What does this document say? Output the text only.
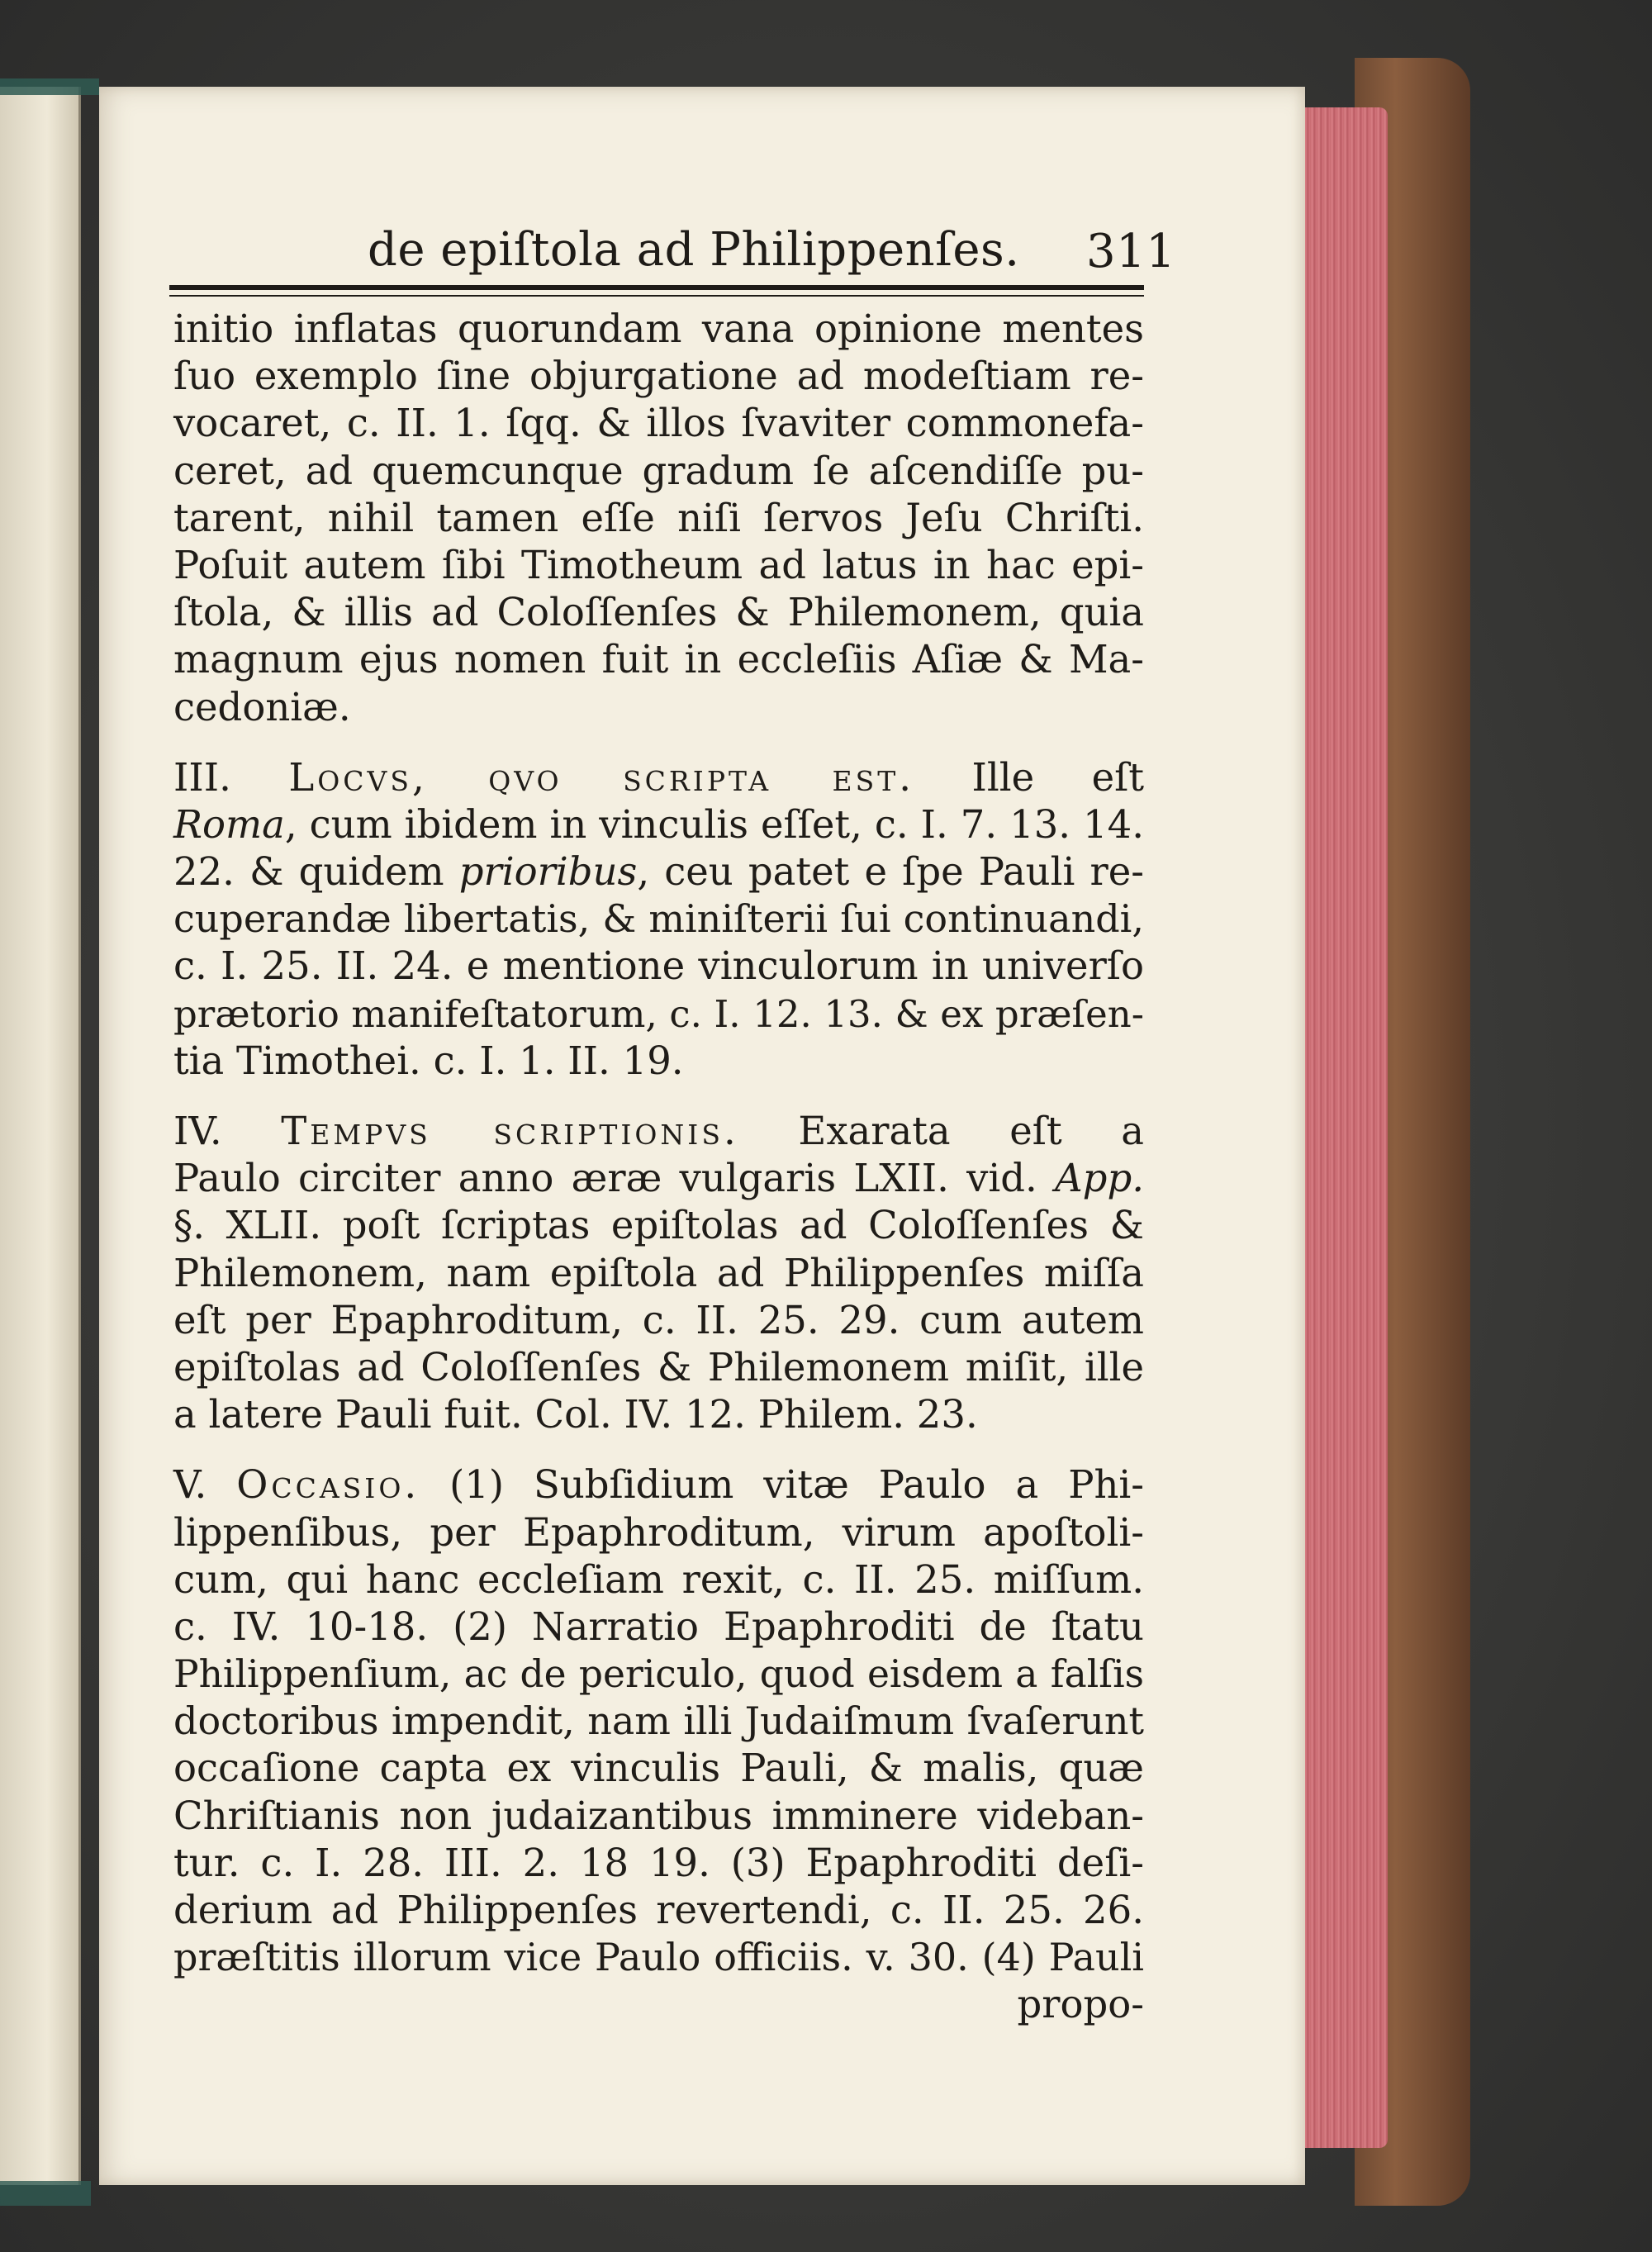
de epiſtola ad Philippenſes. 311
initio inflatas quorundam vana opinione mentes
ſuo exemplo ſine objurgatione ad modeſtiam re-
vocaret, c. II. 1. ſqq. & illos ſvaviter commonefa-
ceret, ad quemcunque gradum ſe aſcendiſſe pu-
tarent, nihil tamen eſſe niſi ſervos Jeſu Chriſti.
Poſuit autem ſibi Timotheum ad latus in hac epi-
ſtola, & illis ad Coloſſenſes & Philemonem, quia
magnum ejus nomen fuit in eccleſiis Aſiæ & Ma-
cedoniæ.
III. Locvs, qvo scripta est. Ille eſt
Roma, cum ibidem in vinculis eſſet, c. I. 7. 13. 14.
22. & quidem prioribus, ceu patet e ſpe Pauli re-
cuperandæ libertatis, & miniſterii ſui continuandi,
c. I. 25. II. 24. e mentione vinculorum in univerſo
prætorio manifeſtatorum, c. I. 12. 13. & ex præſen-
tia Timothei. c. I. 1. II. 19.
IV. Tempvs scriptionis. Exarata eſt a
Paulo circiter anno æræ vulgaris LXII. vid. App.
§. XLII. poſt ſcriptas epiſtolas ad Coloſſenſes &
Philemonem, nam epiſtola ad Philippenſes miſſa
eſt per Epaphroditum, c. II. 25. 29. cum autem
epiſtolas ad Coloſſenſes & Philemonem miſit, ille
a latere Pauli fuit. Col. IV. 12. Philem. 23.
V. Occasio. (1) Subſidium vitæ Paulo a Phi-
lippenſibus, per Epaphroditum, virum apoſtoli-
cum, qui hanc eccleſiam rexit, c. II. 25. miſſum.
c. IV. 10-18. (2) Narratio Epaphroditi de ſtatu
Philippenſium, ac de periculo, quod eisdem a falſis
doctoribus impendit, nam illi Judaiſmum ſvaſerunt
occaſione capta ex vinculis Pauli, & malis, quæ
Chriſtianis non judaizantibus imminere videban-
tur. c. I. 28. III. 2. 18 19. (3) Epaphroditi deſi-
derium ad Philippenſes revertendi, c. II. 25. 26.
præſtitis illorum vice Paulo officiis. v. 30. (4) Pauli
propo-
